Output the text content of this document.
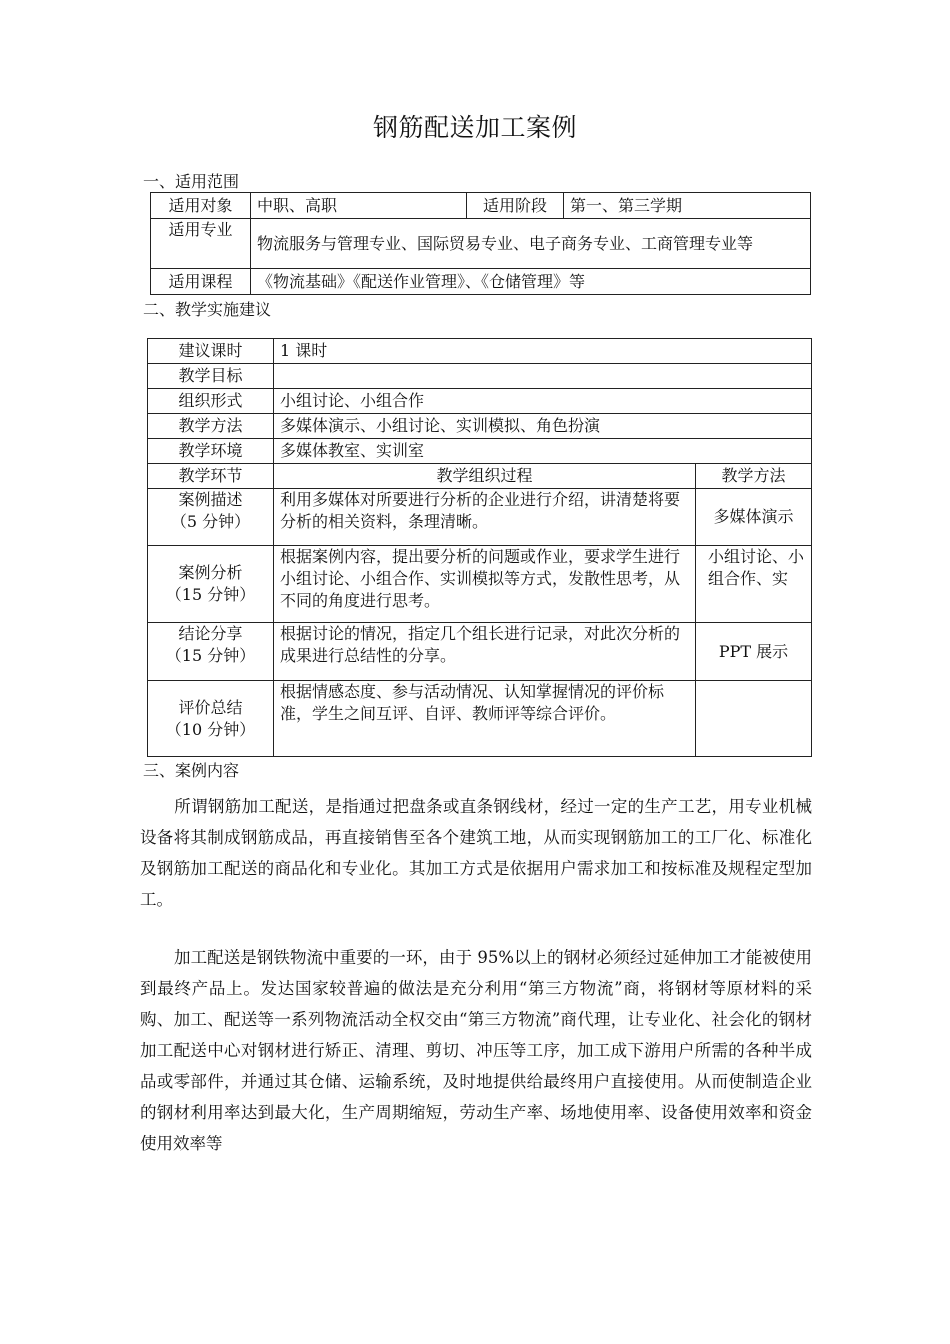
钢筋配送加工案例
一、适用范围
适用对象	中职、高职	适用阶段	第一、第三学期
适用专业	物流服务与管理专业、国际贸易专业、电子商务专业、工商管理专业等		
适用课程	《物流基础》《配送作业管理》、《仓储管理》等		
二、教学实施建议
建议课时	1 课时	
教学目标		
组织形式	小组讨论、小组合作	
教学方法	多媒体演示、小组讨论、实训模拟、角色扮演	
教学环境	多媒体教室、实训室	
教学环节	教学组织过程	教学方法

案例描述
（5 分钟）	利用多媒体对所要进行分析的企业进行介绍，讲清楚将要分析的相关资料，条理清晰。	多媒体演示

案例分析
（15 分钟）	根据案例内容，提出要分析的问题或作业，要求学生进行小组讨论、小组合作、实训模拟等方式，发散性思考，从不同的角度进行思考。	小组讨论、小组合作、实

结论分享
（15 分钟）	根据讨论的情况，指定几个组长进行记录，对此次分析的成果进行总结性的分享。	PPT 展示

评价总结
（10 分钟）	根据情感态度、参与活动情况、认知掌握情况的评价标准，学生之间互评、自评、教师评等综合评价。	
三、案例内容

所谓钢筋加工配送，是指通过把盘条或直条钢线材，经过一定的生产工艺，用专业机械设备将其制成钢筋成品，再直接销售至各个建筑工地，从而实现钢筋加工的工厂化、标准化及钢筋加工配送的商品化和专业化。其加工方式是依据用户需求加工和按标准及规程定型加工。

加工配送是钢铁物流中重要的一环，由于 95%以上的钢材必须经过延伸加工才能被使用到最终产品上。发达国家较普遍的做法是充分利用“第三方物流”商，将钢材等原材料的采购、加工、配送等一系列物流活动全权交由“第三方物流”商代理，让专业化、社会化的钢材加工配送中心对钢材进行矫正、清理、剪切、冲压等工序，加工成下游用户所需的各种半成品或零部件，并通过其仓储、运输系统，及时地提供给最终用户直接使用。从而使制造企业的钢材利用率达到最大化，生产周期缩短，劳动生产率、场地使用率、设备使用效率和资金使用效率等
